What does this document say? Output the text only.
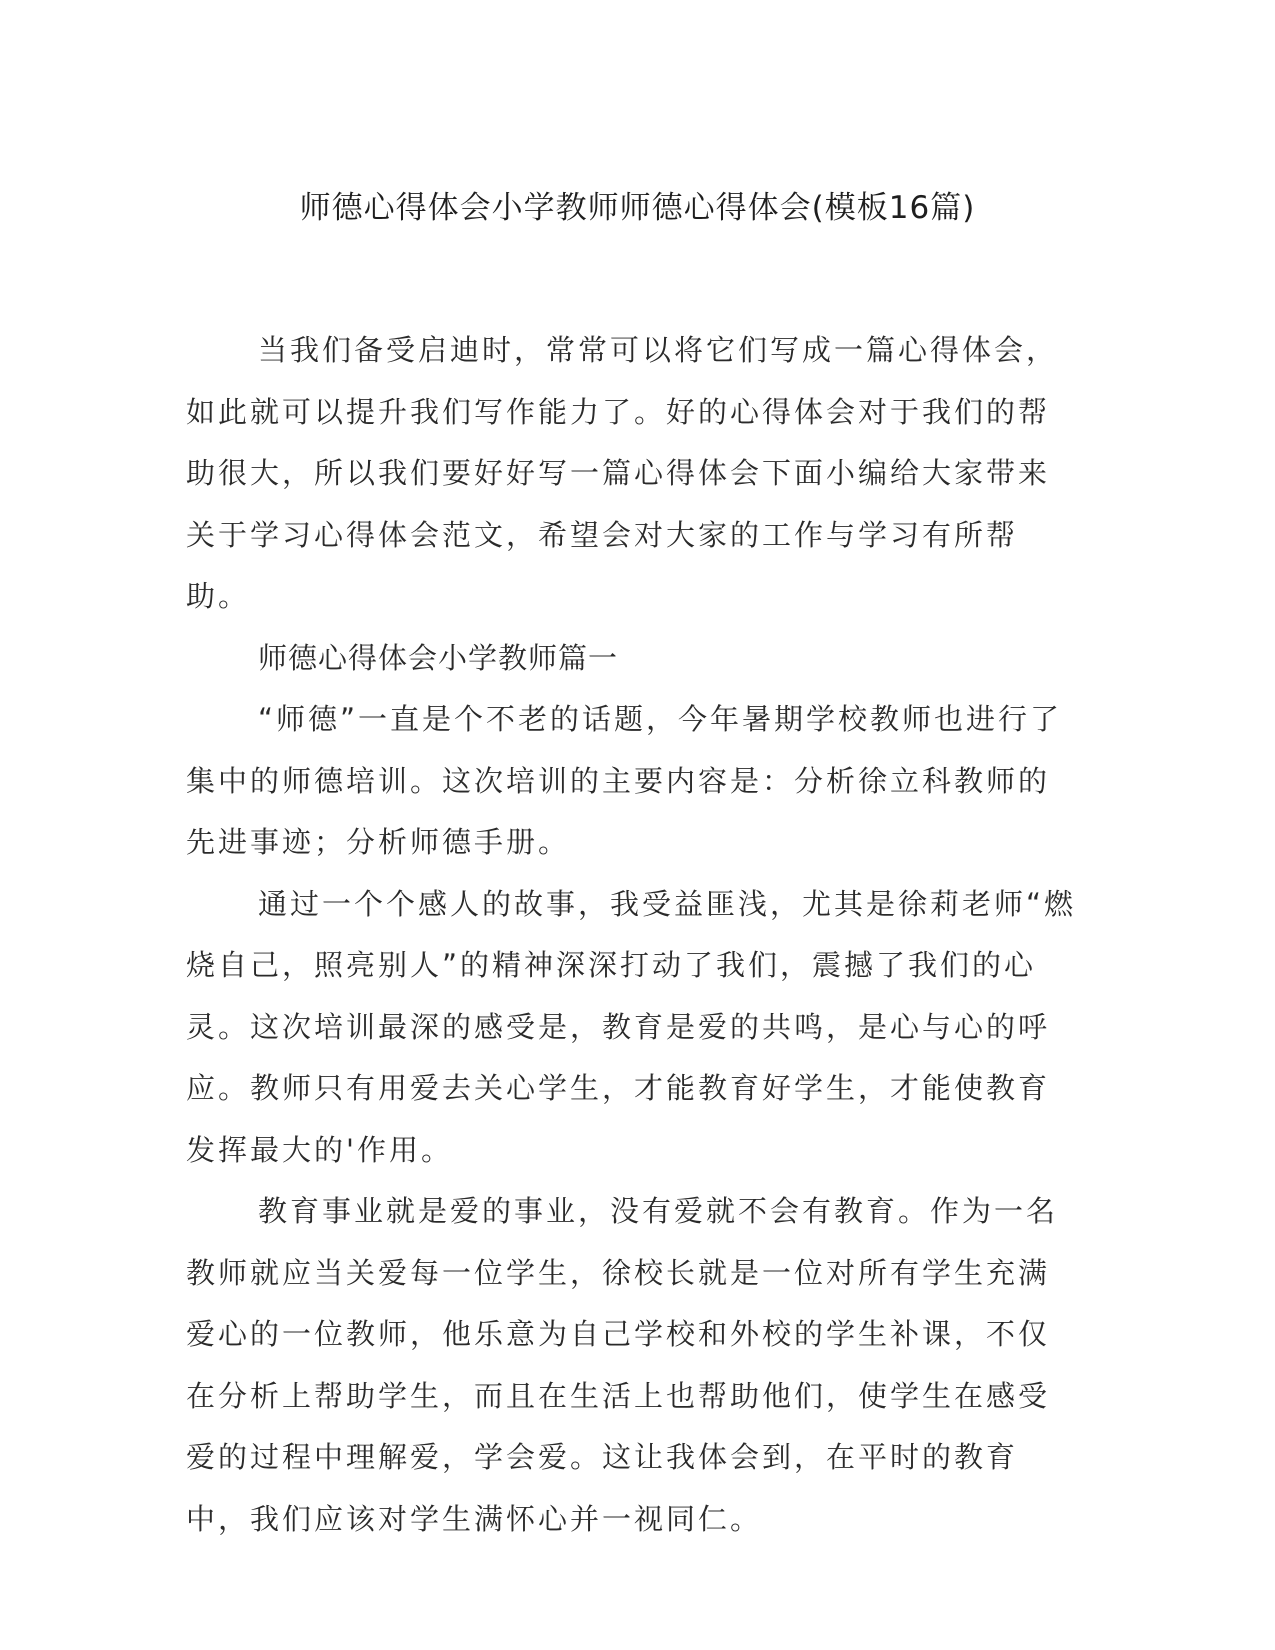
师德心得体会小学教师师德心得体会(模板16篇)

当我们备受启迪时，常常可以将它们写成一篇心得体会，如此就可以提升我们写作能力了。好的心得体会对于我们的帮助很大，所以我们要好好写一篇心得体会下面小编给大家带来关于学习心得体会范文，希望会对大家的工作与学习有所帮助。

师德心得体会小学教师篇一

“师德”一直是个不老的话题，今年暑期学校教师也进行了集中的师德培训。这次培训的主要内容是：分析徐立科教师的先进事迹；分析师德手册。

通过一个个感人的故事，我受益匪浅，尤其是徐莉老师“燃烧自己，照亮别人”的精神深深打动了我们，震撼了我们的心灵。这次培训最深的感受是，教育是爱的共鸣，是心与心的呼应。教师只有用爱去关心学生，才能教育好学生，才能使教育发挥最大的'作用。

教育事业就是爱的事业，没有爱就不会有教育。作为一名教师就应当关爱每一位学生，徐校长就是一位对所有学生充满爱心的一位教师，他乐意为自己学校和外校的学生补课，不仅在分析上帮助学生，而且在生活上也帮助他们，使学生在感受爱的过程中理解爱，学会爱。这让我体会到，在平时的教育中，我们应该对学生满怀心并一视同仁。
